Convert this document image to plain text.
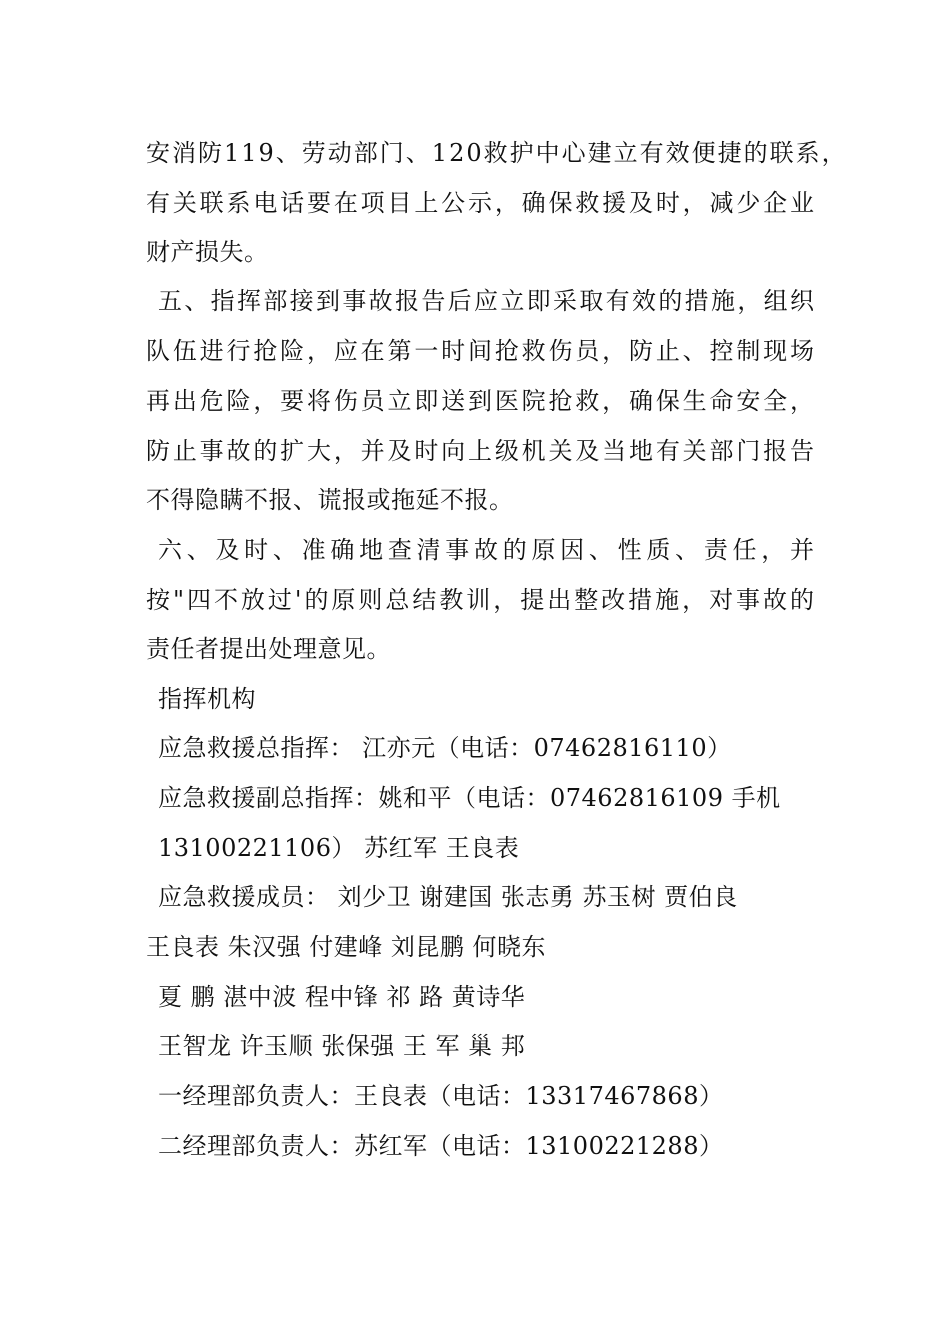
安消防119、劳动部门、120救护中心建立有效便捷的联系，
有关联系电话要在项目上公示，确保救援及时，减少企业
财产损失。
五、指挥部接到事故报告后应立即采取有效的措施，组织
队伍进行抢险，应在第一时间抢救伤员，防止、控制现场
再出危险，要将伤员立即送到医院抢救，确保生命安全，
防止事故的扩大，并及时向上级机关及当地有关部门报告
不得隐瞒不报、谎报或拖延不报。
六、及时、准确地查清事故的原因、性质、责任，并
按"四不放过'的原则总结教训，提出整改措施，对事故的
责任者提出处理意见。
指挥机构
应急救援总指挥： 江亦元（电话：07462816110）
应急救援副总指挥：姚和平（电话：07462816109 手机
13100221106） 苏红军 王良表
应急救援成员： 刘少卫 谢建国 张志勇 苏玉树 贾伯良
王良表 朱汉强 付建峰 刘昆鹏 何晓东
夏 鹏 湛中波 程中锋 祁 路 黄诗华
王智龙 许玉顺 张保强 王 军 巢 邦
一经理部负责人：王良表（电话：13317467868）
二经理部负责人：苏红军（电话：13100221288）
